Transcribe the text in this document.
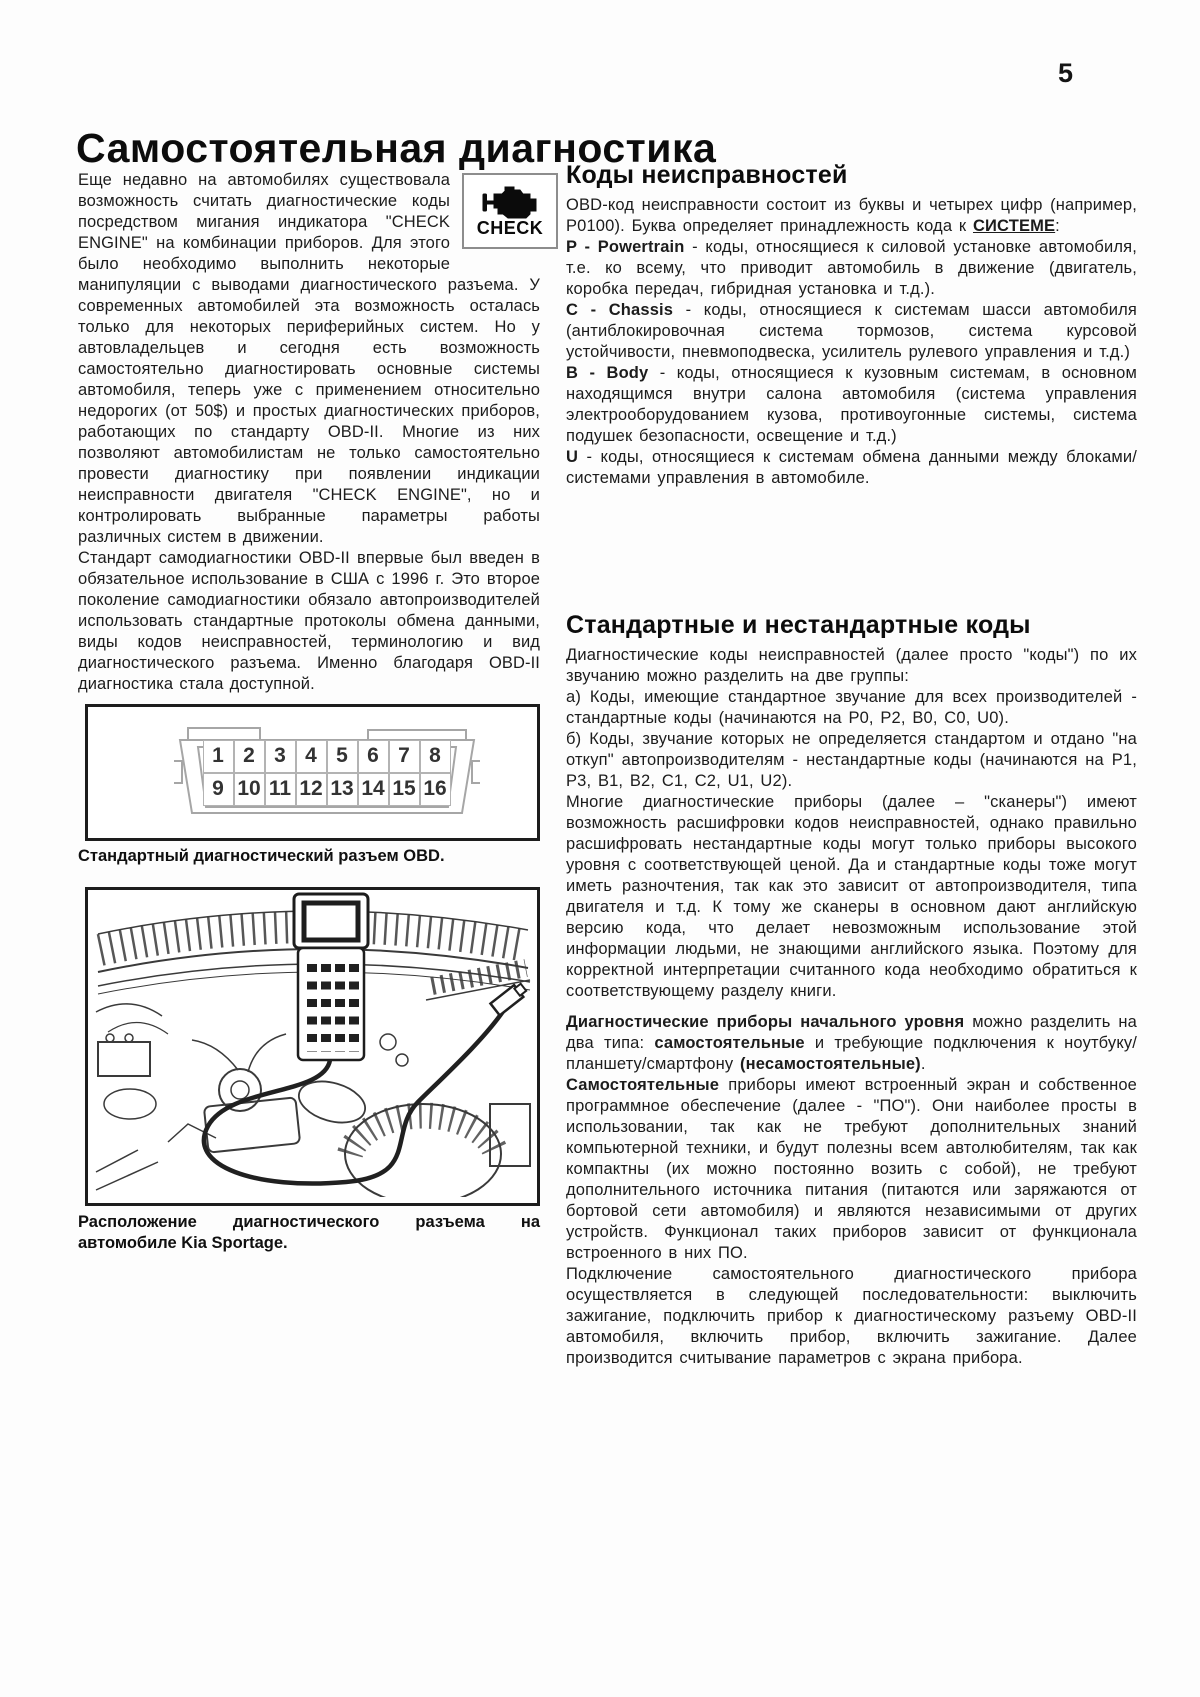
5
Самостоятельная диагностика

CHECK
Еще недавно на автомобилях существовала возможность считать диагностические коды посредством мигания индикатора "CHECK ENGINE" на комбинации приборов. Для этого было необходимо выполнить некоторые манипуляции с выводами диагностического разъема. У современных автомобилей эта возможность осталась только для некоторых периферийных систем. Но у автовладельцев и сегодня есть возможность самостоятельно диагностировать основные системы автомобиля, теперь уже с применением относительно недорогих (от 50$) и простых диагностических приборов, работающих по стандарту OBD-II. Многие из них позволяют автомобилистам не только самостоятельно провести диагностику при появлении индикации неисправности двигателя "CHECK ENGINE", но и контролировать выбранные параметры работы различных систем в движении.

Стандарт самодиагностики OBD-II впервые был введен в обязательное использование в США с 1996 г. Это второе поколение самодиагностики обязало автопроизводителей использовать стандартные протоколы обмена данными, виды кодов неисправностей, терминологию и вид диагностического разъема. Именно благодаря OBD-II диагностика стала доступной.

1 2 3 4 5 6 7 8
9 10 11 12 13 14 15 16
Стандартный диагностический разъем OBD.
Расположение диагностического разъема на автомобиле Kia Sportage.
Коды неисправностей

OBD-код неисправности состоит из буквы и четырех цифр (например, P0100). Буква определяет принадлежность кода к СИСТЕМЕ:

P - Powertrain - коды, относящиеся к силовой установке автомобиля, т.е. ко всему, что приводит автомобиль в движение (двигатель, коробка передач, гибридная установка и т.д.).

C - Chassis - коды, относящиеся к системам шасси автомобиля (антиблокировочная система тормозов, система курсовой устойчивости, пневмоподвеска, усилитель рулевого управления и т.д.)

B - Body - коды, относящиеся к кузовным системам, в основном находящимся внутри салона автомобиля (система управления электрооборудованием кузова, противоугонные системы, система подушек безопасности, освещение и т.д.)

U - коды, относящиеся к системам обмена данными между блоками/системами управления в автомобиле.

Стандартные и нестандартные коды

Диагностические коды неисправностей (далее просто "коды") по их звучанию можно разделить на две группы:

а) Коды, имеющие стандартное звучание для всех производителей - стандартные коды (начинаются на P0, P2, B0, C0, U0).

б) Коды, звучание которых не определяется стандартом и отдано "на откуп" автопроизводителям - нестандартные коды (начинаются на P1, P3, B1, B2, C1, C2, U1, U2).

Многие диагностические приборы (далее – "сканеры") имеют возможность расшифровки кодов неисправностей, однако правильно расшифровать нестандартные коды могут только приборы высокого уровня с соответствующей ценой. Да и стандартные коды тоже могут иметь разночтения, так как это зависит от автопроизводителя, типа двигателя и т.д. К тому же сканеры в основном дают английскую версию кода, что делает невозможным использование этой информации людьми, не знающими английского языка. Поэтому для корректной интерпретации считанного кода необходимо обратиться к соответствующему разделу книги.

Диагностические приборы начального уровня можно разделить на два типа: самостоятельные и требующие подключения к ноутбуку/планшету/смартфону (несамостоятельные).

Самостоятельные приборы имеют встроенный экран и собственное программное обеспечение (далее - "ПО"). Они наиболее просты в использовании, так как не требуют дополнительных знаний компьютерной техники, и будут полезны всем автолюбителям, так как компактны (их можно постоянно возить с собой), не требуют дополнительного источника питания (питаются или заряжаются от бортовой сети автомобиля) и являются независимыми от других устройств. Функционал таких приборов зависит от функционала встроенного в них ПО.

Подключение самостоятельного диагностического прибора осуществляется в следующей последовательности: выключить зажигание, подключить прибор к диагностическому разъему OBD-II автомобиля, включить прибор, включить зажигание. Далее производится считывание параметров с экрана прибора.
